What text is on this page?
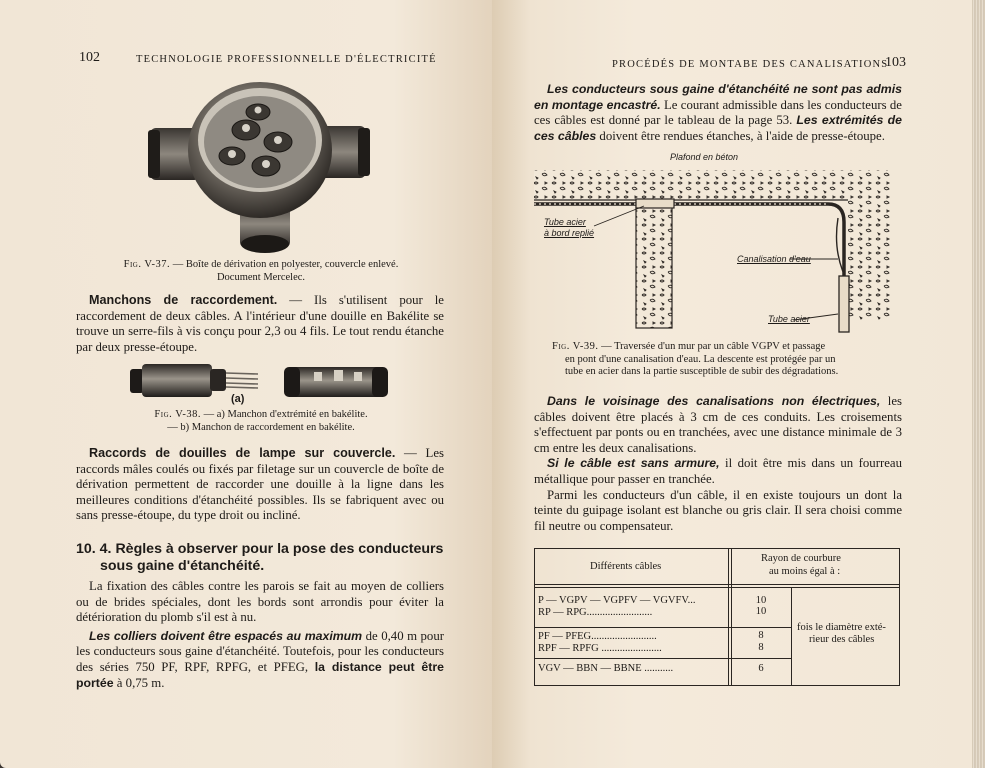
102	TECHNOLOGIE PROFESSIONNELLE D'ÉLECTRICITÉ
Fig. V-37. — Boîte de dérivation en polyester, couvercle enlevé.
Document Mercelec.

Manchons de raccordement. — Ils s'utilisent pour le raccordement de deux câbles. A l'intérieur d'une douille en Bakélite se trouve un serre-fils à vis conçu pour 2,3 ou 4 fils. Le tout rendu étanche par deux presse-étoupe.

(a)
Fig. V-38. — a) Manchon d'extrémité en bakélite.
— b) Manchon de raccordement en bakélite.

Raccords de douilles de lampe sur couvercle. — Les raccords mâles coulés ou fixés par filetage sur un couvercle de boîte de dérivation permettent de raccorder une douille à la ligne dans les meilleures conditions d'étanchéité possibles. Ils se fabriquent avec ou sans presse-étoupe, du type droit ou incliné.

10. 4. Règles à observer pour la pose des conducteurs
sous gaine d'étanchéité.

La fixation des câbles contre les parois se fait au moyen de colliers ou de brides spéciales, dont les bords sont arrondis pour éviter la détérioration du plomb s'il est à nu.

Les colliers doivent être espacés au maximum de 0,40 m pour les conducteurs sous gaine d'étanchéité. Toutefois, pour les conducteurs des séries 750 PF, RPF, RPFG, et PFEG, la distance peut être portée à 0,75 m.

PROCÉDÉS DE MONTABE DES CANALISATIONS
103

Les conducteurs sous gaine d'étanchéité ne sont pas admis en montage encastré. Le courant admissible dans les conducteurs de ces câbles est donné par le tableau de la page 53. Les extrémités de ces câbles doivent être rendues étanches, à l'aide de presse-étoupe.

Plafond en béton
Tube acier
à bord replié
Canalisation d'eau
Tube acier
Fig. V-39. — Traversée d'un mur par un câble VGPV et passage
en pont d'une canalisation d'eau. La descente est protégée par un
tube en acier dans la partie susceptible de subir des dégradations.

Dans le voisinage des canalisations non électriques, les câbles doivent être placés à 3 cm de ces conduits. Les croisements s'effectuent par ponts ou en tranchées, avec une distance minimale de 3 cm entre les deux canalisations.

Si le câble est sans armure, il doit être mis dans un fourreau métallique pour passer en tranchée.

Parmi les conducteurs d'un câble, il en existe toujours un dont la teinte du guipage isolant est blanche ou gris clair. Il sera choisi comme fil neutre ou compensateur.

Différents câbles
Rayon de courbure
au moins égal à :
P — VGPV — VGPFV — VGVFV...	10
RP — RPG.........................	10
PF — PFEG.........................	8
RPF — RPFG .......................	8
VGV — BBN — BBNE ...........	6
fois le diamètre exté-
rieur des câbles
